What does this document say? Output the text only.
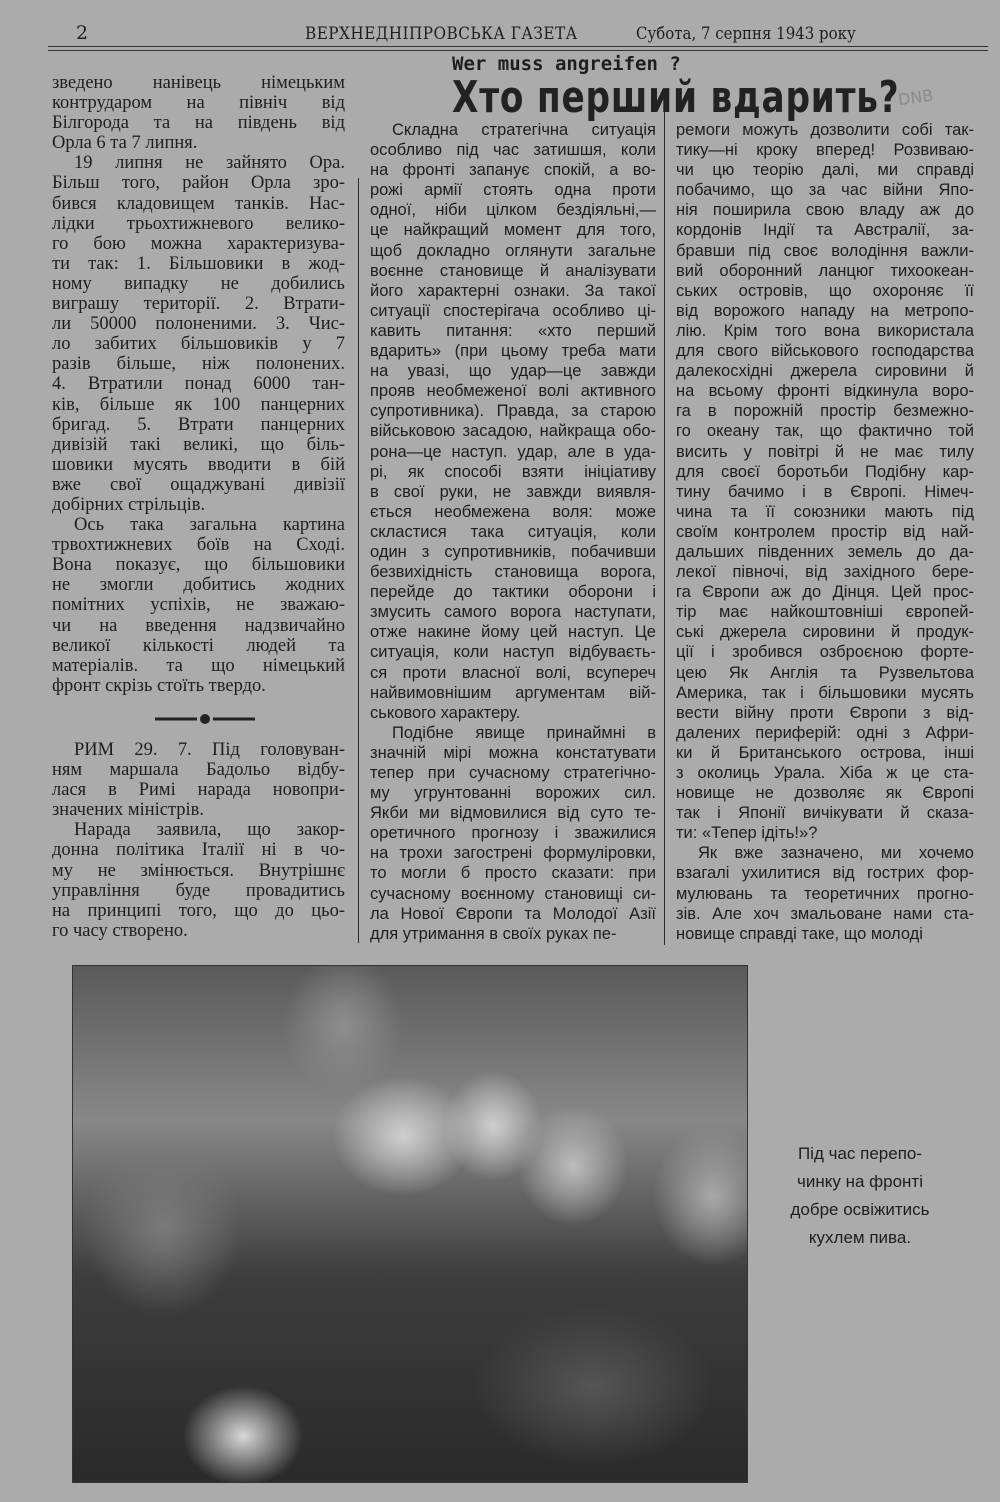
2	ВЕРХНЕДНІПРОВСЬКА ГАЗЕТА	Субота, 7 серпня 1943 року
Wer muss angreifen ?
Хто перший вдарить?
DNB
зведено нанівець німецьким
контрударом на північ від
Білгорода та на південь від
Орла 6 та 7 липня.
19 липня не зайнято Ора.
Більш того, район Орла зро-
бився кладовищем танків. Нас-
лідки трьохтижневого велико-
го бою можна характеризува-
ти так: 1. Більшовики в жод-
ному випадку не добились
виграшу території. 2. Втрати-
ли 50000 полоненими. 3. Чис-
ло забитих більшовиків у 7
разів більше, ніж полонених.
4. Втратили понад 6000 тан-
ків, більше як 100 панцерних
бригад. 5. Втрати панцерних
дивізій такі великі, що біль-
шовики мусять вводити в бій
вже свої ощаджувані дивізії
добірних стрільців.
Ось така загальна картина
трвохтижневих боїв на Сході.
Вона показує, що більшовики
не змогли добитись жодних
помітних успіхів, не зважаю-
чи на введення надзвичайно
великої кількості людей та
матеріалів. та що німецький
фронт скрізь стоїть твердо.
РИМ 29. 7. Під головуван-
ням маршала Бадольо відбу-
лася в Римі нарада новопри-
значених міністрів.
Нарада заявила, що закор-
донна політика Італії ні в чо-
му не змінюється. Внутрішнє
управління буде провадитись
на принципі того, що до цьо-
го часу створено.
Складна стратегічна ситуація
особливо під час затишшя, коли
на фронті запанує спокій, а во-
рожі армії стоять одна проти
одної, ніби цілком бездіяльні,—
це найкращий момент для того,
щоб докладно оглянути загальне
воєнне становище й аналізувати
його характерні ознаки. За такої
ситуації спостерігача особливо ці-
кавить питання: «хто перший
вдарить» (при цьому треба мати
на увазі, що удар—це завжди
прояв необмеженої волі активного
супротивника). Правда, за старою
військовою засадою, найкраща обо-
рона—це наступ. удар, але в уда-
рі, як способі взяти ініціативу
в свої руки, не завжди виявля-
ється необмежена воля: може
скластися така ситуація, коли
один з супротивників, побачивши
безвихідність становища ворога,
перейде до тактики оборони і
змусить самого ворога наступати,
отже накине йому цей наступ. Це
ситуація, коли наступ відбуваєть-
ся проти власної волі, всупереч
найвимовнішим аргументам вій-
ськового характеру.
Подібне явище принаймні в
значній мірі можна констатувати
тепер при сучасному стратегічно-
му угрунтованні ворожих сил.
Якби ми відмовилися від суто те-
оретичного прогнозу і зважилися
на трохи загострені формуліровки,
то могли б просто сказати: при
сучасному воєнному становищі си-
ла Нової Європи та Молодої Азії
для утримання в своїх руках пе-
ремоги можуть дозволити собі так-
тику—ні кроку вперед! Розвиваю-
чи цю теорію далі, ми справді
побачимо, що за час війни Япо-
нія поширила свою владу аж до
кордонів Індії та Австралії, за-
бравши під своє володіння важли-
вий оборонний ланцюг тихоокеан-
ських островів, що охороняє її
від ворожого нападу на метропо-
лію. Крім того вона використала
для свого військового господарства
далекосхідні джерела сировини й
на всьому фронті відкинула воро-
га в порожній простір безмежно-
го океану так, що фактично той
висить у повітрі й не має тилу
для своєї боротьби Подібну кар-
тину бачимо і в Європі. Німеч-
чина та її союзники мають під
своїм контролем простір від най-
дальших південних земель до да-
лекої півночі, від західного бере-
га Європи аж до Дінця. Цей прос-
тір має найкоштовніші європей-
ські джерела сировини й продук-
ції і зробився озброєною форте-
цею Як Англія та Рузвельтова
Америка, так і більшовики мусять
вести війну проти Європи з від-
далених периферій: одні з Афри-
ки й Британського острова, інші
з околиць Урала. Хіба ж це ста-
новище не дозволяє як Європі
так і Японії вичікувати й сказа-
ти: «Тепер ідіть!»?
Як вже зазначено, ми хочемо
взагалі ухилитися від гострих фор-
мулювань та теоретичних прогно-
зів. Але хоч змальоване нами ста-
новище справді таке, що молоді
Під час перепо-
чинку на фронті
добре освіжитись
кухлем пива.
